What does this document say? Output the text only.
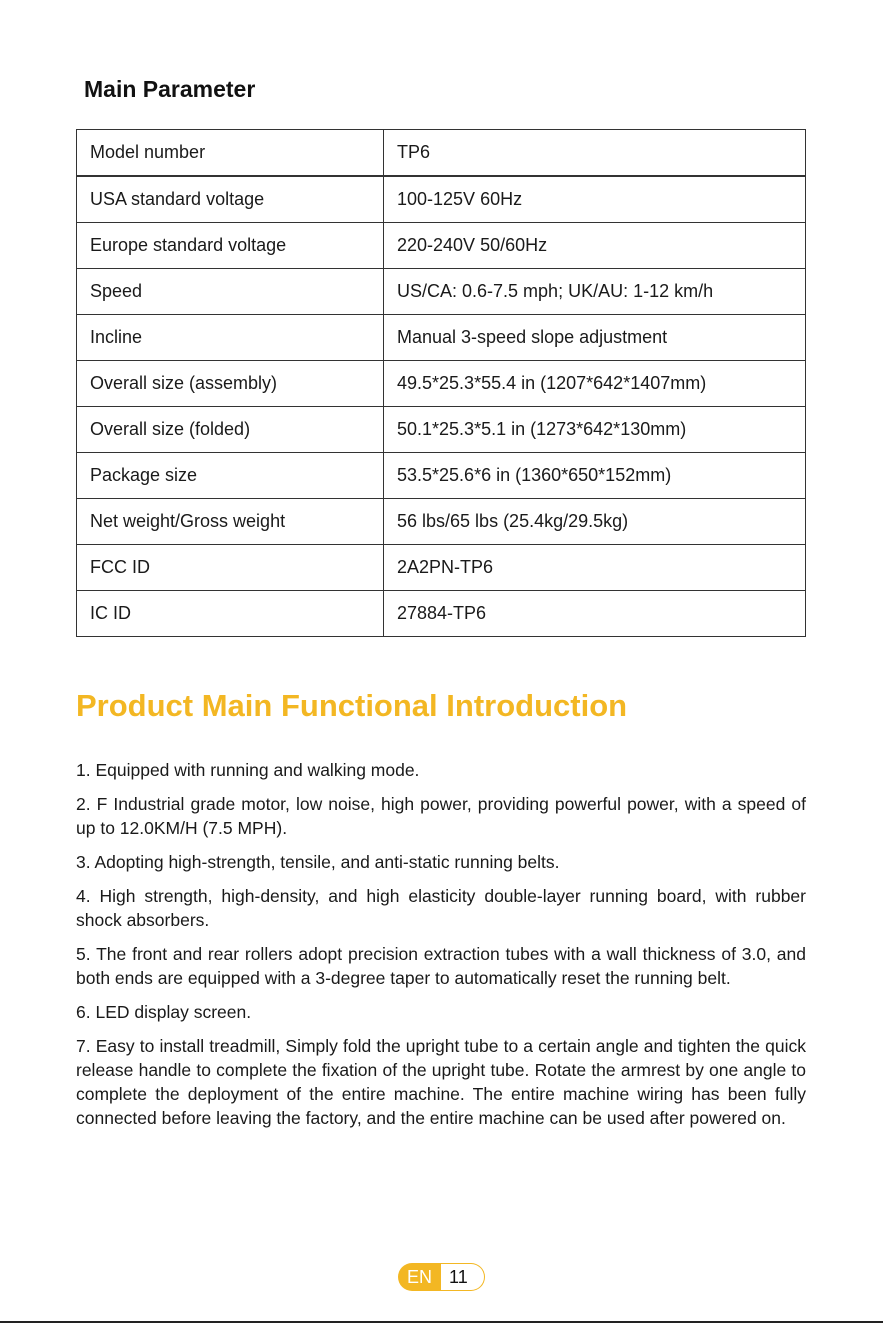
Main Parameter
Model number	TP6
USA standard voltage	100-125V 60Hz
Europe standard voltage	220-240V 50/60Hz
Speed	US/CA: 0.6-7.5 mph; UK/AU: 1-12 km/h
Incline	Manual 3-speed slope adjustment
Overall size (assembly)	49.5*25.3*55.4 in (1207*642*1407mm)
Overall size (folded)	50.1*25.3*5.1 in (1273*642*130mm)
Package size	53.5*25.6*6 in (1360*650*152mm)
Net weight/Gross weight	56 lbs/65 lbs (25.4kg/29.5kg)
FCC ID	2A2PN-TP6
IC ID	27884-TP6
Product Main Functional Introduction

1. Equipped with running and walking mode.

2. F Industrial grade motor, low noise, high power, providing powerful power, with a speed of up to 12.0KM/H (7.5 MPH).

3. Adopting high-strength, tensile, and anti-static running belts.

4. High strength, high-density, and high elasticity double-layer running board, with rubber shock absorbers.

5. The front and rear rollers adopt precision extraction tubes with a wall thickness of 3.0, and both ends are equipped with a 3-degree taper to automatically reset the running belt.

6. LED display screen.

7. Easy to install treadmill, Simply fold the upright tube to a certain angle and tighten the quick release handle to complete the fixation of the upright tube. Rotate the armrest by one angle to complete the deployment of the entire machine. The entire machine wiring has been fully connected before leaving the factory, and the entire machine can be used after powered on.

EN 11
